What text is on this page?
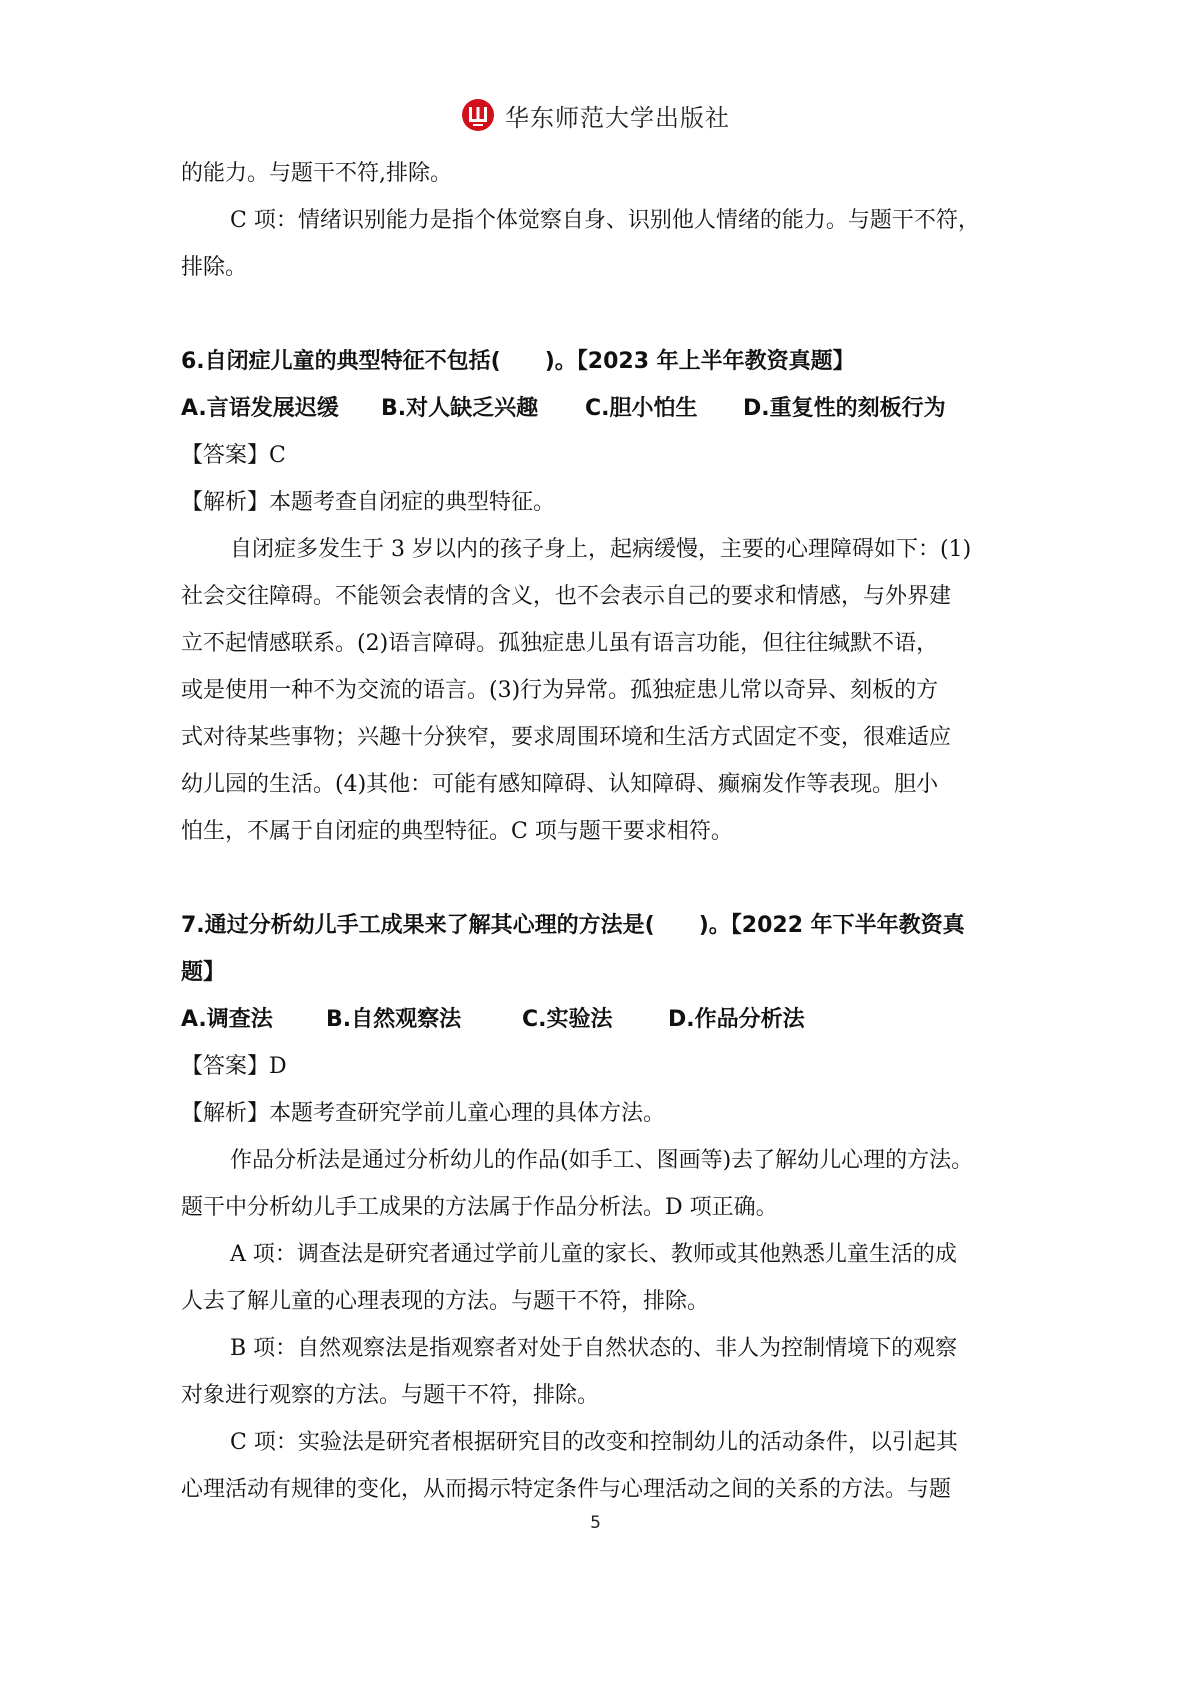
华东师范大学出版社
的能力。与题干不符,排除。
C 项：情绪识别能力是指个体觉察自身、识别他人情绪的能力。与题干不符，
排除。
6.自闭症儿童的典型特征不包括(　　)。【2023 年上半年教资真题】
A.言语发展迟缓	B.对人缺乏兴趣	C.胆小怕生	D.重复性的刻板行为
【答案】C
【解析】本题考查自闭症的典型特征。
自闭症多发生于 3 岁以内的孩子身上，起病缓慢，主要的心理障碍如下：(1)
社会交往障碍。不能领会表情的含义，也不会表示自己的要求和情感，与外界建
立不起情感联系。(2)语言障碍。孤独症患儿虽有语言功能，但往往缄默不语，
或是使用一种不为交流的语言。(3)行为异常。孤独症患儿常以奇异、刻板的方
式对待某些事物；兴趣十分狭窄，要求周围环境和生活方式固定不变，很难适应
幼儿园的生活。(4)其他：可能有感知障碍、认知障碍、癫痫发作等表现。胆小
怕生，不属于自闭症的典型特征。C 项与题干要求相符。
7.通过分析幼儿手工成果来了解其心理的方法是(　　)。【2022 年下半年教资真
题】
A.调查法	B.自然观察法	C.实验法	D.作品分析法
【答案】D
【解析】本题考查研究学前儿童心理的具体方法。
作品分析法是通过分析幼儿的作品(如手工、图画等)去了解幼儿心理的方法。
题干中分析幼儿手工成果的方法属于作品分析法。D 项正确。
A 项：调查法是研究者通过学前儿童的家长、教师或其他熟悉儿童生活的成
人去了解儿童的心理表现的方法。与题干不符，排除。
B 项：自然观察法是指观察者对处于自然状态的、非人为控制情境下的观察
对象进行观察的方法。与题干不符，排除。
C 项：实验法是研究者根据研究目的改变和控制幼儿的活动条件，以引起其
心理活动有规律的变化，从而揭示特定条件与心理活动之间的关系的方法。与题
5
